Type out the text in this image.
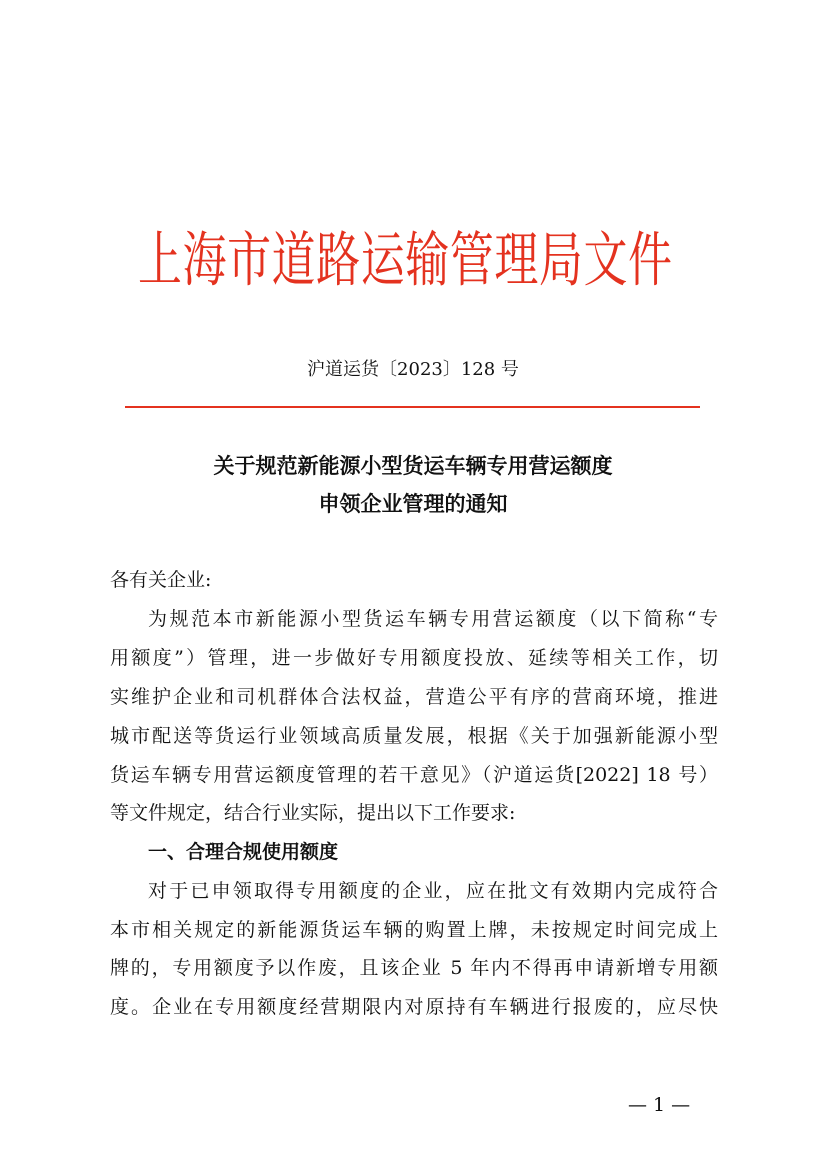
上海市道路运输管理局文件
沪道运货〔2023〕128 号
关于规范新能源小型货运车辆专用营运额度
申领企业管理的通知
各有关企业:
为规范本市新能源小型货运车辆专用营运额度（以下简称“专
用额度”）管理，进一步做好专用额度投放、延续等相关工作，切
实维护企业和司机群体合法权益，营造公平有序的营商环境，推进
城市配送等货运行业领域高质量发展，根据《关于加强新能源小型
货运车辆专用营运额度管理的若干意见》（沪道运货[2022] 18 号）
等文件规定，结合行业实际，提出以下工作要求:
一、合理合规使用额度
对于已申领取得专用额度的企业，应在批文有效期内完成符合
本市相关规定的新能源货运车辆的购置上牌，未按规定时间完成上
牌的，专用额度予以作废，且该企业 5 年内不得再申请新增专用额
度。企业在专用额度经营期限内对原持有车辆进行报废的，应尽快
— 1 —
